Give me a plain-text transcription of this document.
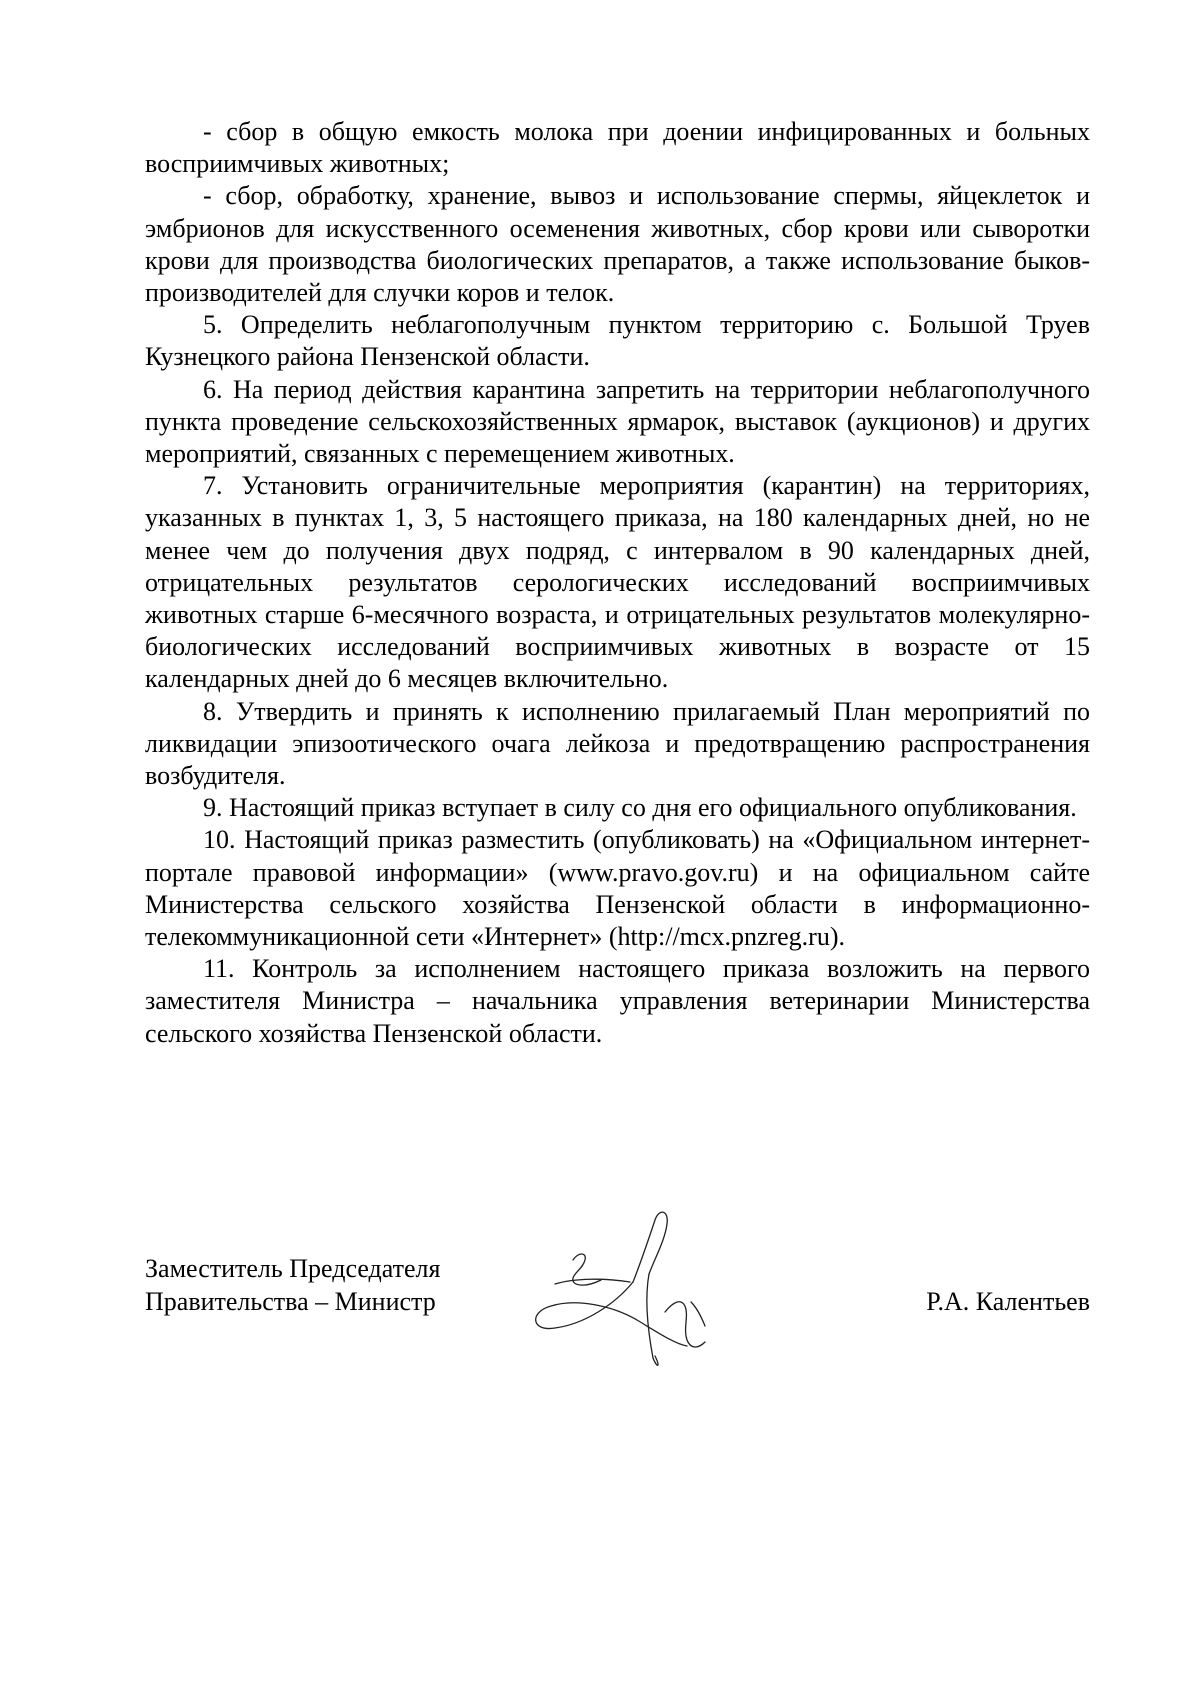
- сбор в общую емкость молока при доении инфицированных и больных восприимчивых животных;

- сбор, обработку, хранение, вывоз и использование спермы, яйцеклеток и эмбрионов для искусственного осеменения животных, сбор крови или сыворотки крови для производства биологических препаратов, а также использование быков-производителей для случки коров и телок.

5. Определить неблагополучным пунктом территорию с. Большой Труев Кузнецкого района Пензенской области.

6. На период действия карантина запретить на территории неблагополучного пункта проведение сельскохозяйственных ярмарок, выставок (аукционов) и других мероприятий, связанных с перемещением животных.

7. Установить ограничительные мероприятия (карантин) на территориях, указанных в пунктах 1, 3, 5 настоящего приказа, на 180 календарных дней, но не менее чем до получения двух подряд, с интервалом в 90 календарных дней, отрицательных результатов серологических исследований восприимчивых животных старше 6-месячного возраста, и отрицательных результатов молекулярно-биологических исследований восприимчивых животных в возрасте от 15 календарных дней до 6 месяцев включительно.

8. Утвердить и принять к исполнению прилагаемый План мероприятий по ликвидации эпизоотического очага лейкоза и предотвращению распространения возбудителя.

9. Настоящий приказ вступает в силу со дня его официального опубликования.

10. Настоящий приказ разместить (опубликовать) на «Официальном интернет-портале правовой информации» (www.pravo.gov.ru) и на официальном сайте Министерства сельского хозяйства Пензенской области в информационно-телекоммуникационной сети «Интернет» (http://mcx.pnzreg.ru).

11. Контроль за исполнением настоящего приказа возложить на первого заместителя Министра – начальника управления ветеринарии Министерства сельского хозяйства Пензенской области.

Заместитель Председателя
Правительства – Министр	Р.А. Калентьев
